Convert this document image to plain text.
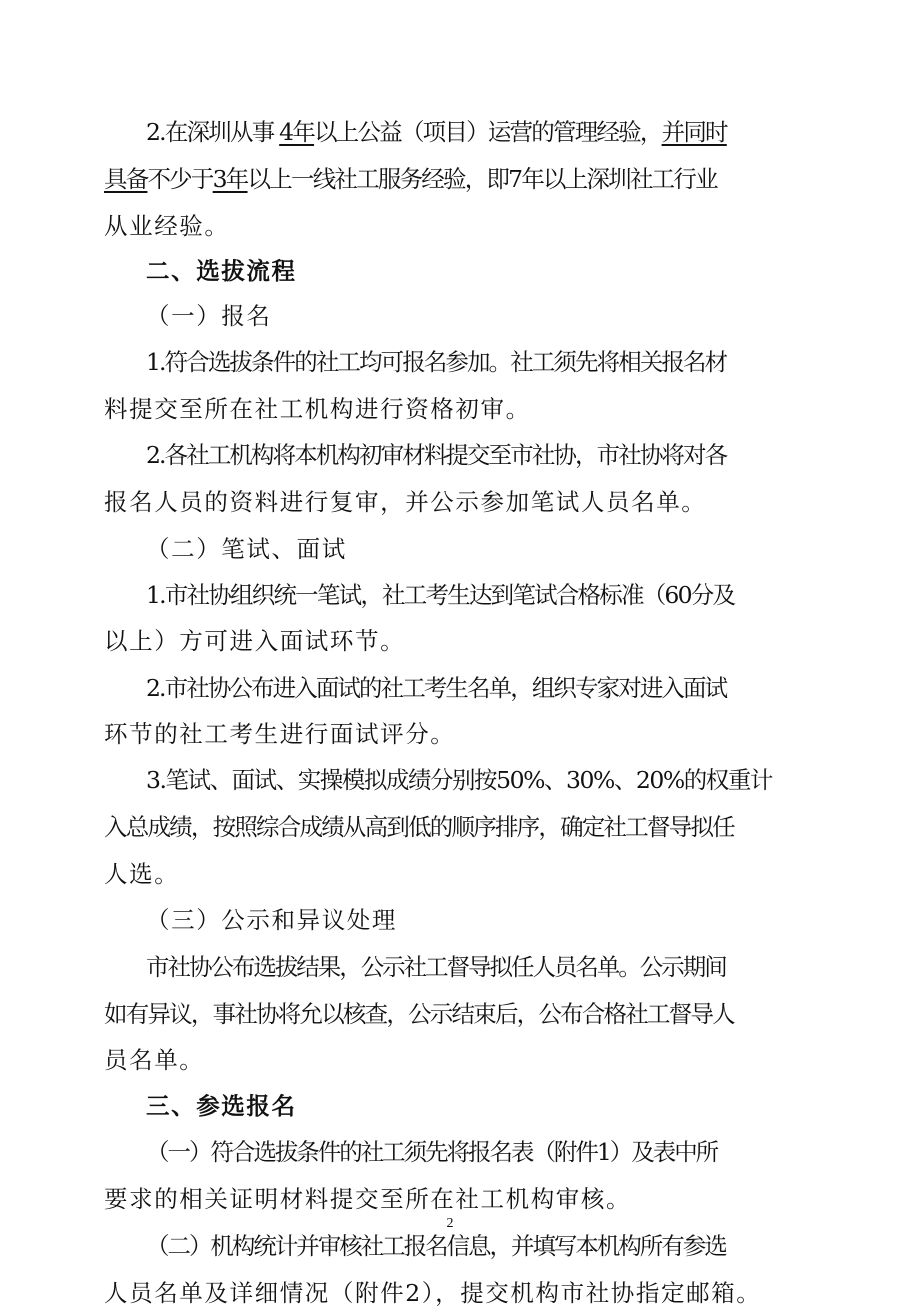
2.在深圳从事 4年以上公益（项目）运营的管理经验，并同时
具备不少于3年以上一线社工服务经验，即7年以上深圳社工行业
从业经验。
二、选拔流程
（一）报名
1.符合选拔条件的社工均可报名参加。社工须先将相关报名材
料提交至所在社工机构进行资格初审。
2.各社工机构将本机构初审材料提交至市社协，市社协将对各
报名人员的资料进行复审，并公示参加笔试人员名单。
（二）笔试、面试
1.市社协组织统一笔试，社工考生达到笔试合格标准（60分及
以上）方可进入面试环节。
2.市社协公布进入面试的社工考生名单，组织专家对进入面试
环节的社工考生进行面试评分。
3.笔试、面试、实操模拟成绩分别按50%、30%、20%的权重计
入总成绩，按照综合成绩从高到低的顺序排序，确定社工督导拟任
人选。
（三）公示和异议处理
市社协公布选拔结果，公示社工督导拟任人员名单。公示期间
如有异议，事社协将允以核查，公示结束后，公布合格社工督导人
员名单。
三、参选报名
（一）符合选拔条件的社工须先将报名表（附件1）及表中所
要求的相关证明材料提交至所在社工机构审核。
（二）机构统计并审核社工报名信息，并填写本机构所有参选
人员名单及详细情况（附件2），提交机构市社协指定邮箱。
2
